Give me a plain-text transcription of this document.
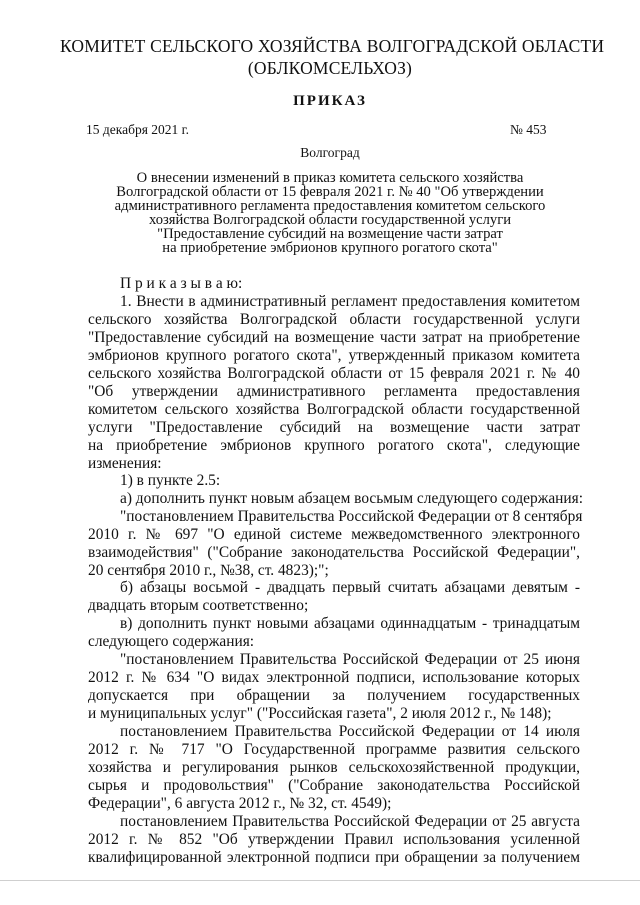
КОМИТЕТ СЕЛЬСКОГО ХОЗЯЙСТВА ВОЛГОГРАДСКОЙ ОБЛАСТИ
(ОБЛКОМСЕЛЬХОЗ)
ПРИКАЗ
15 декабря 2021 г.	№ 453
Волгоград
О внесении изменений в приказ комитета сельского хозяйства
Волгоградской области от 15 февраля 2021 г. № 40 "Об утверждении
административного регламента предоставления комитетом сельского
хозяйства Волгоградской области государственной услуги
"Предоставление субсидий на возмещение части затрат
на приобретение эмбрионов крупного рогатого скота"
П р и к а з ы в а ю:
1. Внести в административный регламент предоставления комитетом
сельского хозяйства Волгоградской области государственной услуги
"Предоставление субсидий на возмещение части затрат на приобретение
эмбрионов крупного рогатого скота", утвержденный приказом комитета
сельского хозяйства Волгоградской области от 15 февраля 2021 г. № 40
"Об утверждении административного регламента предоставления
комитетом сельского хозяйства Волгоградской области государственной
услуги "Предоставление субсидий на возмещение части затрат
на приобретение эмбрионов крупного рогатого скота", следующие
изменения:
1) в пункте 2.5:
а) дополнить пункт новым абзацем восьмым следующего содержания:
"постановлением Правительства Российской Федерации от 8 сентября
2010 г. № 697 "О единой системе межведомственного электронного
взаимодействия" ("Собрание законодательства Российской Федерации",
20 сентября 2010 г., №38, ст. 4823);";
б) абзацы восьмой - двадцать первый считать абзацами девятым -
двадцать вторым соответственно;
в) дополнить пункт новыми абзацами одиннадцатым - тринадцатым
следующего содержания:
"постановлением Правительства Российской Федерации от 25 июня
2012 г. № 634 "О видах электронной подписи, использование которых
допускается при обращении за получением государственных
и муниципальных услуг" ("Российская газета", 2 июля 2012 г., № 148);
постановлением Правительства Российской Федерации от 14 июля
2012 г. № 717 "О Государственной программе развития сельского
хозяйства и регулирования рынков сельскохозяйственной продукции,
сырья и продовольствия" ("Собрание законодательства Российской
Федерации", 6 августа 2012 г., № 32, ст. 4549);
постановлением Правительства Российской Федерации от 25 августа
2012 г. № 852 "Об утверждении Правил использования усиленной
квалифицированной электронной подписи при обращении за получением
